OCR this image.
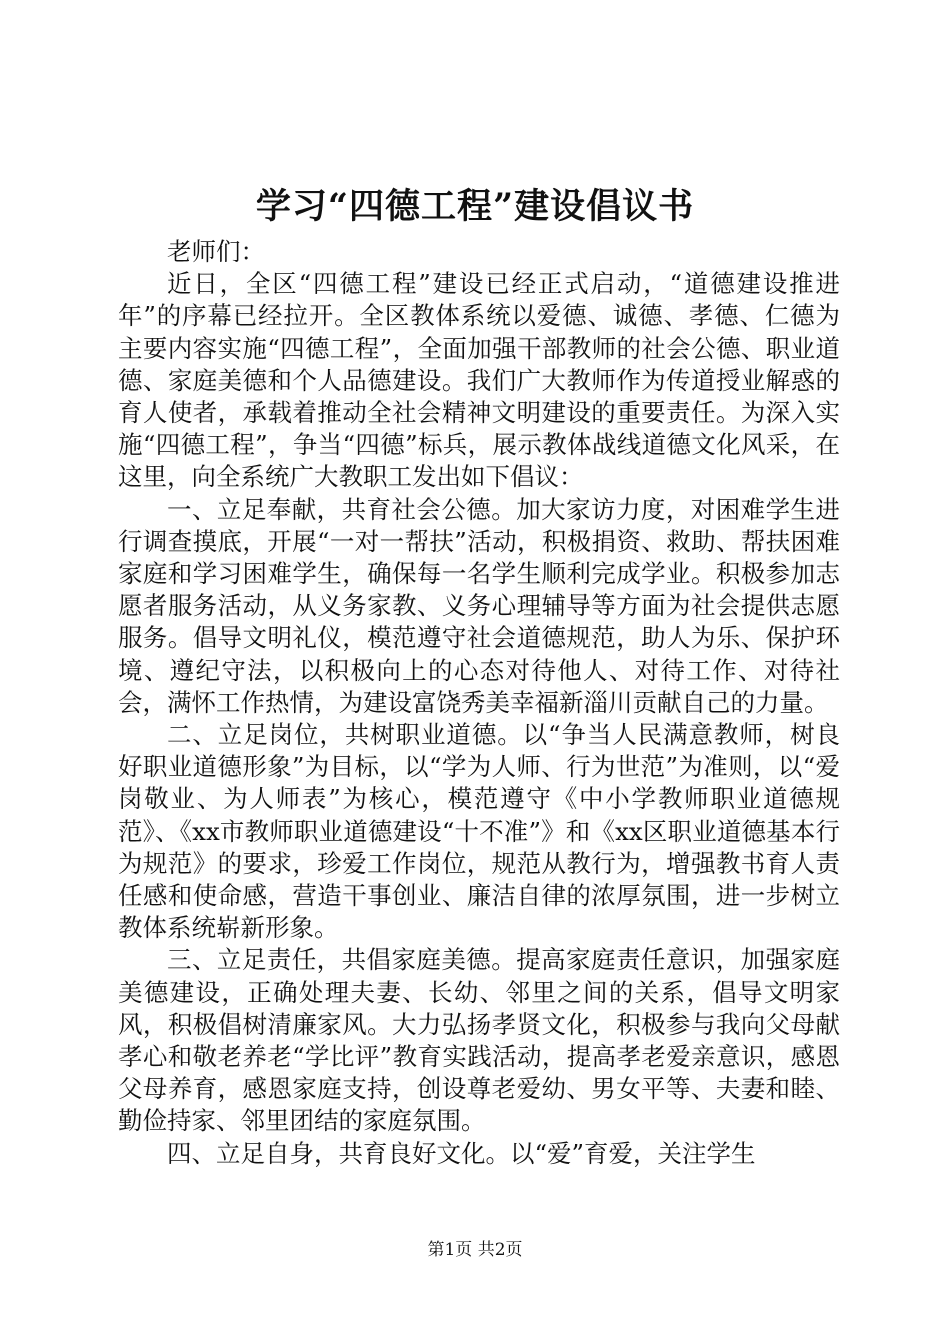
学习“四德工程”建设倡议书

老师们：

近日，全区“四德工程”建设已经正式启动，“道德建设推进年”的序幕已经拉开。全区教体系统以爱德、诚德、孝德、仁德为主要内容实施“四德工程”，全面加强干部教师的社会公德、职业道德、家庭美德和个人品德建设。我们广大教师作为传道授业解惑的育人使者，承载着推动全社会精神文明建设的重要责任。为深入实施“四德工程”，争当“四德”标兵，展示教体战线道德文化风采，在这里，向全系统广大教职工发出如下倡议：

一、立足奉献，共育社会公德。加大家访力度，对困难学生进行调查摸底，开展“一对一帮扶”活动，积极捐资、救助、帮扶困难家庭和学习困难学生，确保每一名学生顺利完成学业。积极参加志愿者服务活动，从义务家教、义务心理辅导等方面为社会提供志愿服务。倡导文明礼仪，模范遵守社会道德规范，助人为乐、保护环境、遵纪守法，以积极向上的心态对待他人、对待工作、对待社会，满怀工作热情，为建设富饶秀美幸福新淄川贡献自己的力量。

二、立足岗位，共树职业道德。以“争当人民满意教师，树良好职业道德形象”为目标，以“学为人师、行为世范”为准则，以“爱岗敬业、为人师表”为核心，模范遵守《中小学教师职业道德规范》、《xx市教师职业道德建设“十不准”》和《xx区职业道德基本行为规范》的要求，珍爱工作岗位，规范从教行为，增强教书育人责任感和使命感，营造干事创业、廉洁自律的浓厚氛围，进一步树立教体系统崭新形象。

三、立足责任，共倡家庭美德。提高家庭责任意识，加强家庭美德建设，正确处理夫妻、长幼、邻里之间的关系，倡导文明家风，积极倡树清廉家风。大力弘扬孝贤文化，积极参与我向父母献孝心和敬老养老“学比评”教育实践活动，提高孝老爱亲意识，感恩父母养育，感恩家庭支持，创设尊老爱幼、男女平等、夫妻和睦、勤俭持家、邻里团结的家庭氛围。

四、立足自身，共育良好文化。以“爱”育爱，关注学生

第1页 共2页
